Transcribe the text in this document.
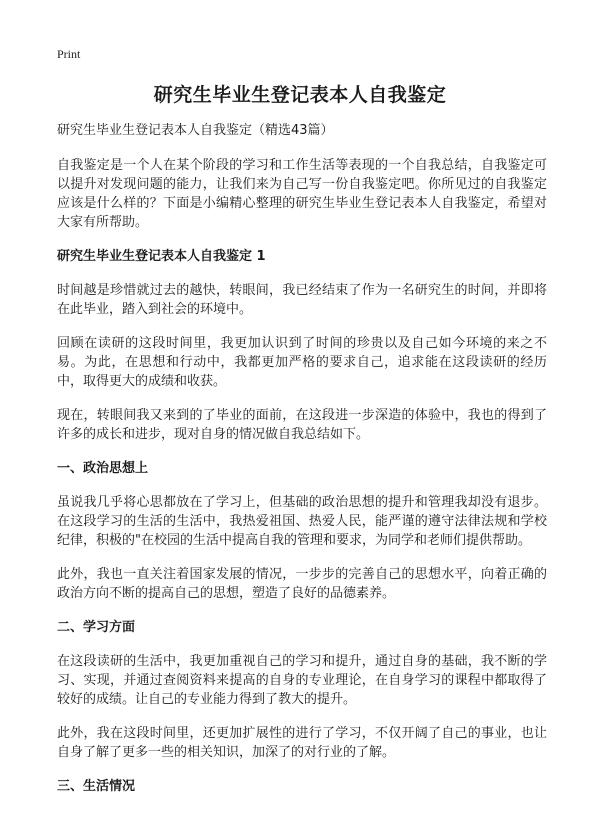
Print
研究生毕业生登记表本人自我鉴定
研究生毕业生登记表本人自我鉴定（精选43篇）

自我鉴定是一个人在某个阶段的学习和工作生活等表现的一个自我总结，自我鉴定可以提升对发现问题的能力，让我们来为自己写一份自我鉴定吧。你所见过的自我鉴定应该是什么样的？下面是小编精心整理的研究生毕业生登记表本人自我鉴定，希望对大家有所帮助。

研究生毕业生登记表本人自我鉴定 1

时间越是珍惜就过去的越快，转眼间，我已经结束了作为一名研究生的时间，并即将在此毕业，踏入到社会的环境中。

回顾在读研的这段时间里，我更加认识到了时间的珍贵以及自己如今环境的来之不易。为此，在思想和行动中，我都更加严格的要求自己，追求能在这段读研的经历中，取得更大的成绩和收获。

现在，转眼间我又来到的了毕业的面前，在这段进一步深造的体验中，我也的得到了许多的成长和进步，现对自身的情况做自我总结如下。

一、政治思想上

虽说我几乎将心思都放在了学习上，但基础的政治思想的提升和管理我却没有退步。在这段学习的生活的生活中，我热爱祖国、热爱人民，能严谨的遵守法律法规和学校纪律，积极的"在校园的生活中提高自我的管理和要求，为同学和老师们提供帮助。

此外，我也一直关注着国家发展的情况，一步步的完善自己的思想水平，向着正确的政治方向不断的提高自己的思想，塑造了良好的品德素养。

二、学习方面

在这段读研的生活中，我更加重视自己的学习和提升，通过自身的基础，我不断的学习、实现，并通过查阅资料来提高的自身的专业理论，在自身学习的课程中都取得了较好的成绩。让自己的专业能力得到了教大的提升。

此外，我在这段时间里，还更加扩展性的进行了学习，不仅开阔了自己的事业，也让自身了解了更多一些的相关知识，加深了的对行业的了解。

三、生活情况
